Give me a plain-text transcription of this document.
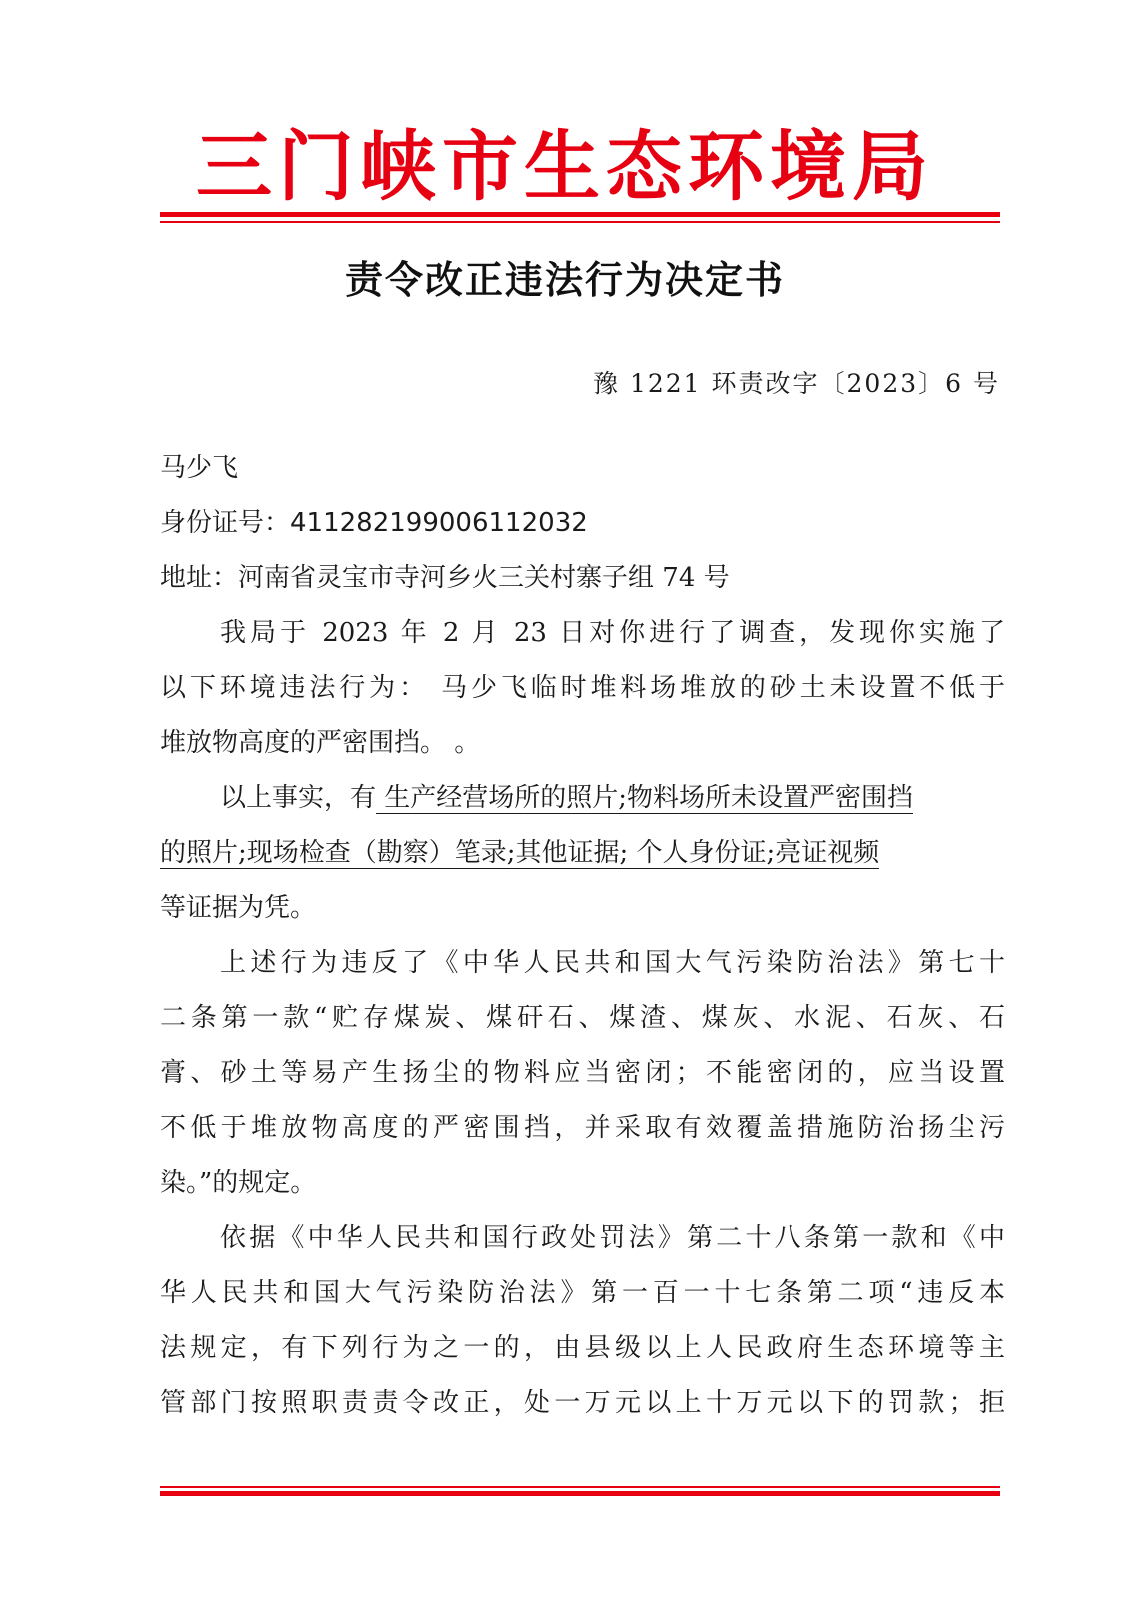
三门峡市生态环境局
责令改正违法行为决定书
豫 1221 环责改字〔2023〕6 号
马少飞
身份证号：411282199006112032
地址：河南省灵宝市寺河乡火三关村寨子组 74 号
我局于 2023 年 2 月 23 日对你进行了调查，发现你实施了
以下环境违法行为： 马少飞临时堆料场堆放的砂土未设置不低于
堆放物高度的严密围挡。 。
以上事实，有 生产经营场所的照片;物料场所未设置严密围挡
的照片;现场检查（勘察）笔录;其他证据; 个人身份证;亮证视频
等证据为凭。
上述行为违反了《中华人民共和国大气污染防治法》第七十
二条第一款“贮存煤炭、煤矸石、煤渣、煤灰、水泥、石灰、石
膏、砂土等易产生扬尘的物料应当密闭；不能密闭的，应当设置
不低于堆放物高度的严密围挡，并采取有效覆盖措施防治扬尘污
染。”的规定。
依据《中华人民共和国行政处罚法》第二十八条第一款和《中
华人民共和国大气污染防治法》第一百一十七条第二项“违反本
法规定，有下列行为之一的，由县级以上人民政府生态环境等主
管部门按照职责责令改正，处一万元以上十万元以下的罚款；拒
